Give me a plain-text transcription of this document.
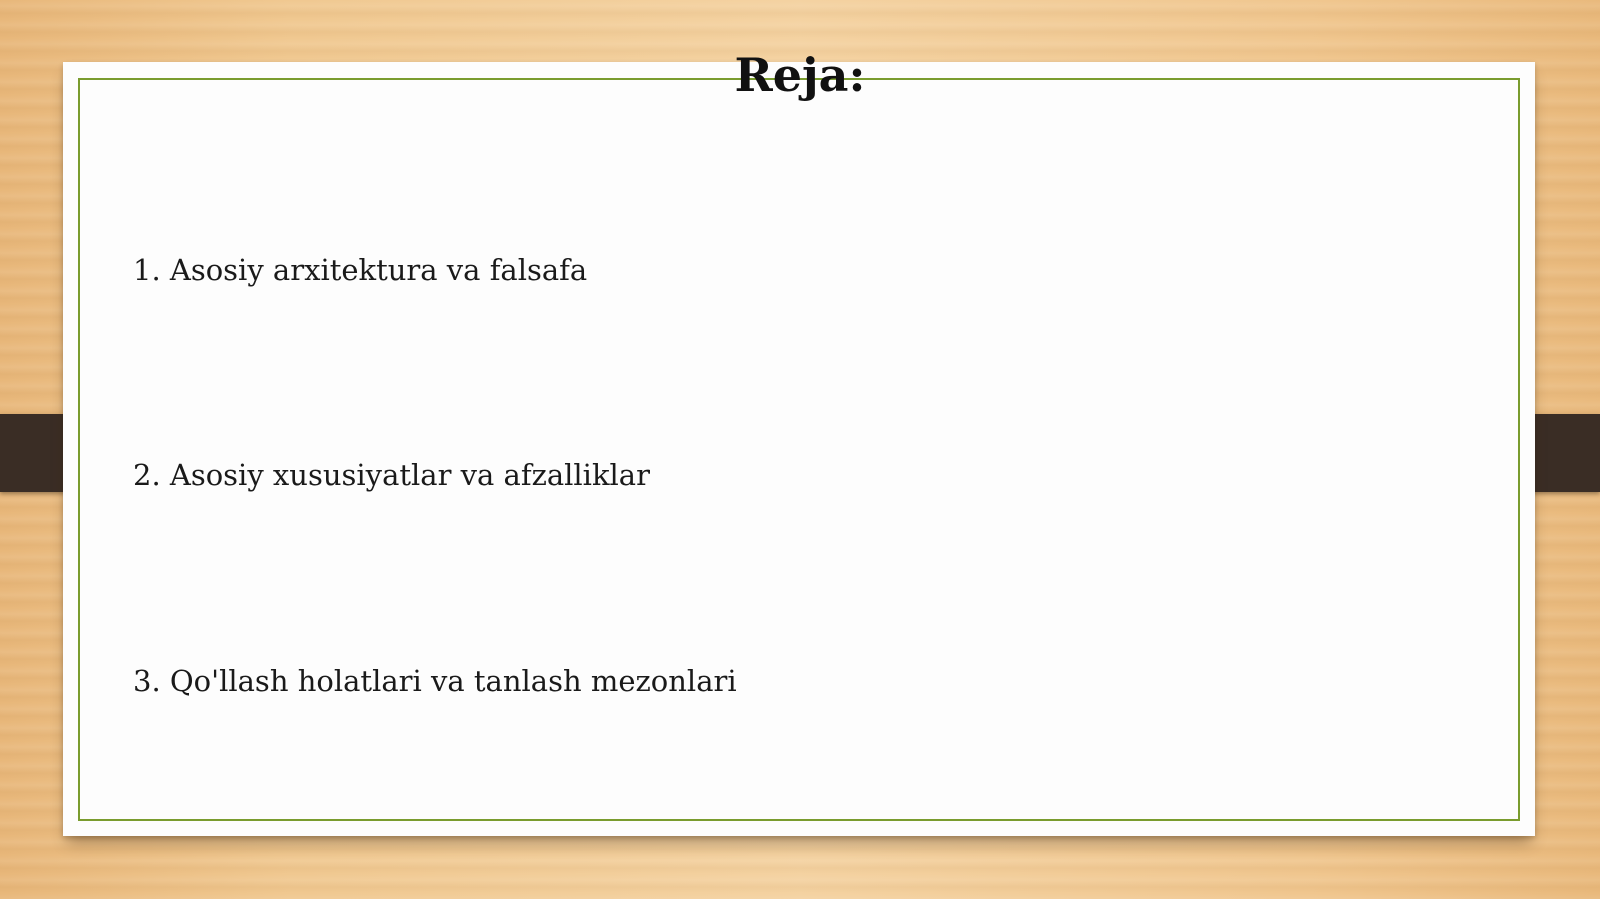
Reja:

1. Asosiy arxitektura va falsafa

2. Asosiy xususiyatlar va afzalliklar

3. Qo'llash holatlari va tanlash mezonlari
